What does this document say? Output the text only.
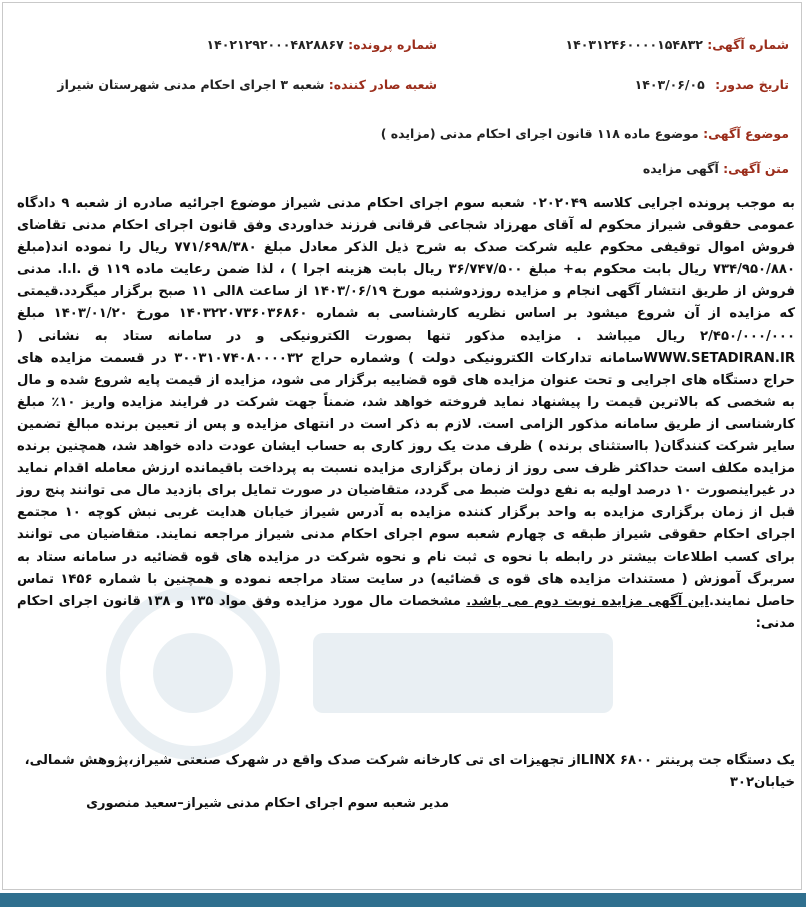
شماره آگهی: ۱۴۰۳۱۲۴۶۰۰۰۰۱۵۴۸۳۲
شماره پرونده: ۱۴۰۲۱۲۹۲۰۰۰۴۸۲۸۸۶۷
تاریخ صدور: ۱۴۰۳/۰۶/۰۵
شعبه صادر کننده: شعبه ۳ اجرای احکام مدنی شهرستان شیراز
موضوع آگهی: موضوع ماده ۱۱۸ قانون اجرای احکام مدنی (مزایده )
متن آگهی: آگهی مزایده
به موجب پرونده اجرایی کلاسه ۰۲۰۲۰۴۹ شعبه سوم اجرای احکام مدنی شیراز موضوع اجرائیه صادره از شعبه ۹ دادگاه عمومی حقوقی شیراز محکوم له آقای مهرزاد شجاعی قرقانی فرزند خداوردی وفق قانون اجرای احکام مدنی تقاضای فروش اموال توقیفی محکوم علیه شرکت صدک به شرح ذیل الذکر معادل مبلغ ۷۷۱/۶۹۸/۳۸۰ ریال را نموده اند(مبلغ ۷۳۴/۹۵۰/۸۸۰ ریال بابت محکوم به+ مبلغ ۳۶/۷۴۷/۵۰۰ ریال بابت هزینه اجرا ) ، لذا ضمن رعایت ماده ۱۱۹ ق .ا.ا. مدنی فروش از طریق انتشار آگهی انجام و مزایده روزدوشنبه مورخ ۱۴۰۳/۰۶/۱۹ از ساعت ۸الی ۱۱ صبح برگزار میگردد.قیمتی که مزایده از آن شروع میشود بر اساس نظریه کارشناسی به شماره ۱۴۰۳۲۲۰۷۳۶۰۳۶۸۶۰ مورخ ۱۴۰۳/۰۱/۲۰ مبلغ ۲/۴۵۰/۰۰۰/۰۰۰ ریال میباشد . مزایده مذکور تنها بصورت الکترونیکی و در سامانه ستاد به نشانی ( WWW.SETADIRAN.IRسامانه تدارکات الکترونیکی دولت ) وشماره حراج ۳۰۰۳۱۰۷۴۰۸۰۰۰۰۳۲ در قسمت مزایده های حراج دستگاه های اجرایی و تحت عنوان مزایده های قوه قضاییه برگزار می شود، مزایده از قیمت پایه شروع شده و مال به شخصی که بالاترین قیمت را پیشنهاد نماید فروخته خواهد شد، ضمناً جهت شرکت در فرایند مزایده واریز ۱۰٪ مبلغ کارشناسی از طریق سامانه مذکور الزامی است. لازم به ذکر است در انتهای مزایده و پس از تعیین برنده مبالغ تضمین سایر شرکت کنندگان( بااستثنای برنده ) ظرف مدت یک روز کاری به حساب ایشان عودت داده خواهد شد، همچنین برنده مزایده مکلف است حداکثر ظرف سی روز از زمان برگزاری مزایده نسبت به پرداخت باقیمانده ارزش معامله اقدام نماید در غیراینصورت ۱۰ درصد اولیه به نفع دولت ضبط می گردد، متقاضیان در صورت تمایل برای بازدید مال می توانند پنج روز قبل از زمان برگزاری مزایده به واحد برگزار کننده مزایده به آدرس شیراز خیابان هدایت غربی نبش کوچه ۱۰ مجتمع اجرای احکام حقوقی شیراز طبقه ی چهارم شعبه سوم اجرای احکام مدنی شیراز مراجعه نمایند. متقاضیان می توانند برای کسب اطلاعات بیشتر در رابطه با نحوه ی ثبت نام و نحوه شرکت در مزایده های قوه قضائیه در سامانه ستاد به سربرگ آموزش ( مستندات مزایده های قوه ی قضائیه) در سایت ستاد مراجعه نموده و همچنین با شماره ۱۴۵۶ تماس حاصل نمایند.این آگهی مزایده نوبت دوم می باشد. مشخصات مال مورد مزایده وفق مواد ۱۳۵ و ۱۳۸ قانون اجرای احکام مدنی:
یک دستگاه جت پرینتر ۶۸۰۰ LINXاز تجهیزات ای تی کارخانه شرکت صدک واقع در شهرک صنعتی شیراز،پژوهش شمالی، خیابان۳۰۲
مدیر شعبه سوم اجرای احکام مدنی شیراز–سعید منصوری
